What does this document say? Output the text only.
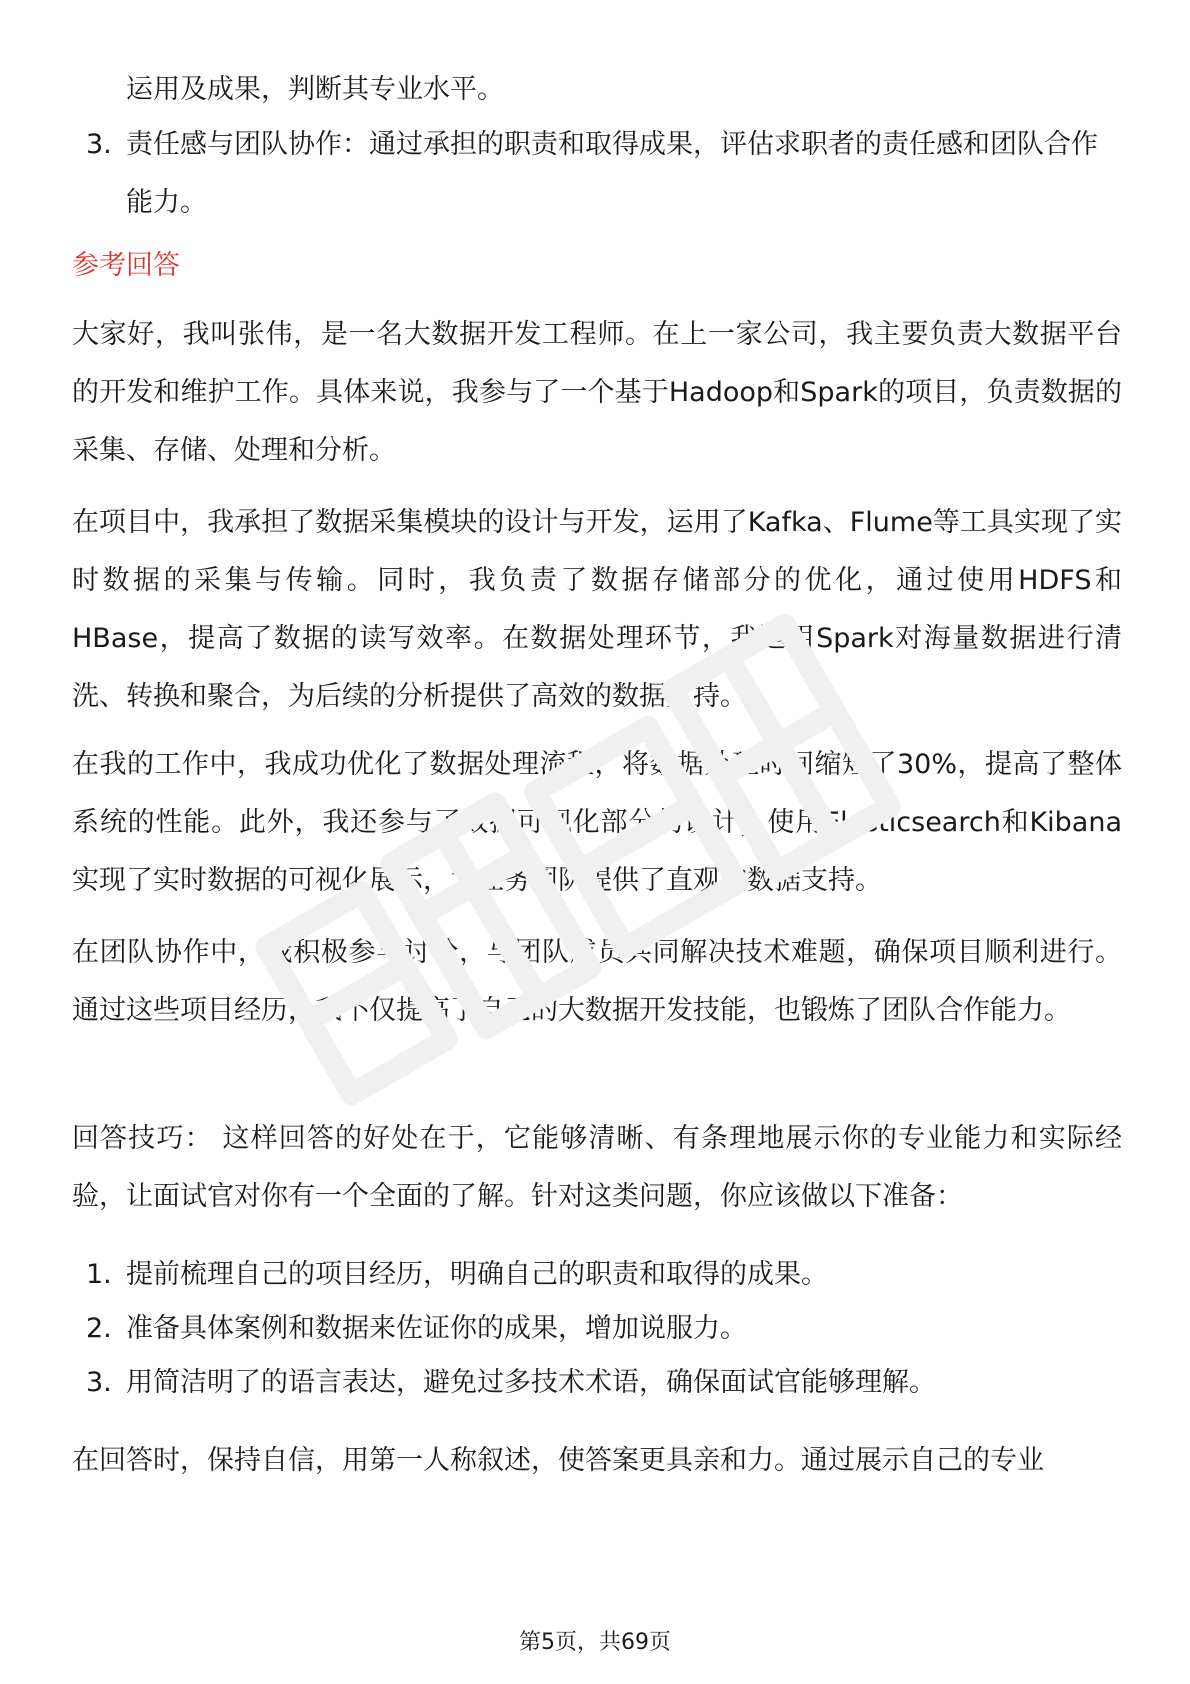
运用及成果，判断其专业水平。

3. 责任感与团队协作：通过承担的职责和取得成果，评估求职者的责任感和团队合作能力。
参考回答

大家好，我叫张伟，是一名大数据开发工程师。在上一家公司，我主要负责大数据平台的开发和维护工作。具体来说，我参与了一个基于Hadoop和Spark的项目，负责数据的采集、存储、处理和分析。

在项目中，我承担了数据采集模块的设计与开发，运用了Kafka、Flume等工具实现了实时数据的采集与传输。同时，我负责了数据存储部分的优化，通过使用HDFS和HBase，提高了数据的读写效率。在数据处理环节，我运用Spark对海量数据进行清洗、转换和聚合，为后续的分析提供了高效的数据支持。

在我的工作中，我成功优化了数据处理流程，将数据处理时间缩短了30%，提高了整体系统的性能。此外，我还参与了数据可视化部分的设计，使用Elasticsearch和Kibana实现了实时数据的可视化展示，为业务团队提供了直观的数据支持。

在团队协作中，我积极参与讨论，与团队成员共同解决技术难题，确保项目顺利进行。通过这些项目经历，我不仅提高了自己的大数据开发技能，也锻炼了团队合作能力。

回答技巧： 这样回答的好处在于，它能够清晰、有条理地展示你的专业能力和实际经验，让面试官对你有一个全面的了解。针对这类问题，你应该做以下准备：

1. 提前梳理自己的项目经历，明确自己的职责和取得的成果。
2. 准备具体案例和数据来佐证你的成果，增加说服力。
3. 用简洁明了的语言表达，避免过多技术术语，确保面试官能够理解。

在回答时，保持自信，用第一人称叙述，使答案更具亲和力。通过展示自己的专业

第5页，共69页
